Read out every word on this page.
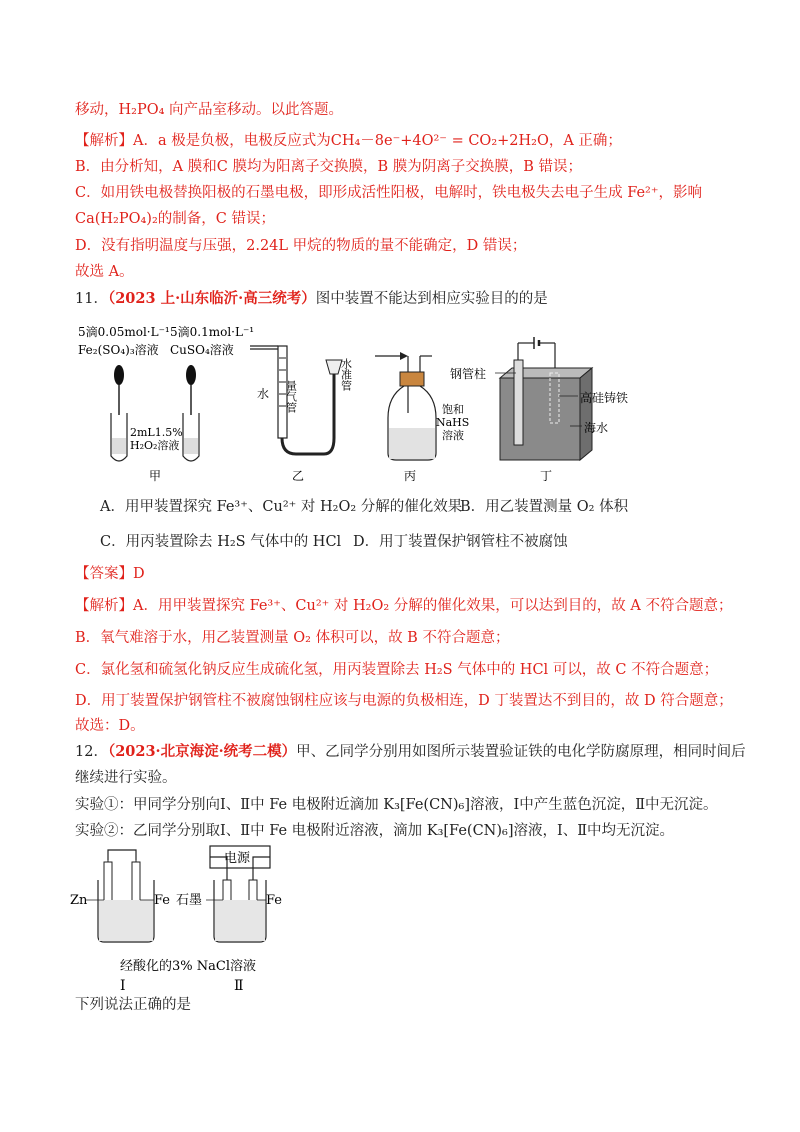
移动，H₂PO₄ 向产品室移动。以此答题。
【解析】A．a 极是负极，电极反应式为CH₄－8e⁻+4O²⁻ = CO₂+2H₂O，A 正确；
B．由分析知，A 膜和C 膜均为阳离子交换膜，B 膜为阴离子交换膜，B 错误；
C．如用铁电极替换阳极的石墨电极，即形成活性阳极，电解时，铁电极失去电子生成 Fe²⁺，影响
Ca(H₂PO₄)₂的制备，C 错误；
D．没有指明温度与压强，2.24L 甲烷的物质的量不能确定，D 错误；
故选 A。
11．（2023 上·山东临沂·高三统考）图中装置不能达到相应实验目的的是
5滴0.05mol·L⁻¹
Fe₂(SO₄)₃溶液
5滴0.1mol·L⁻¹
CuSO₄溶液
2mL1.5%
H₂O₂溶液
甲
水 量气管
水准管
乙
饱和
NaHS
溶液
丙
钢管柱
高硅铸铁
海水
丁
A．用甲装置探究 Fe³⁺、Cu²⁺ 对 H₂O₂ 分解的催化效果
B．用乙装置测量 O₂ 体积
C．用丙装置除去 H₂S 气体中的 HCl D．用丁装置保护钢管柱不被腐蚀
【答案】D
【解析】A．用甲装置探究 Fe³⁺、Cu²⁺ 对 H₂O₂ 分解的催化效果，可以达到目的，故 A 不符合题意；
B．氧气难溶于水，用乙装置测量 O₂ 体积可以，故 B 不符合题意；
C．氯化氢和硫氢化钠反应生成硫化氢，用丙装置除去 H₂S 气体中的 HCl 可以，故 C 不符合题意；
D．用丁装置保护钢管柱不被腐蚀钢柱应该与电源的负极相连，D 丁装置达不到目的，故 D 符合题意；
故选：D。
12．（2023·北京海淀·统考二模）甲、乙同学分别用如图所示装置验证铁的电化学防腐原理，相同时间后
继续进行实验。
实验①：甲同学分别向Ⅰ、Ⅱ中 Fe 电极附近滴加 K₃[Fe(CN)₆]溶液，Ⅰ中产生蓝色沉淀，Ⅱ中无沉淀。
实验②：乙同学分别取Ⅰ、Ⅱ中 Fe 电极附近溶液，滴加 K₃[Fe(CN)₆]溶液，Ⅰ、Ⅱ中均无沉淀。
Zn	Fe
Ⅰ
电源
石墨	Fe
Ⅱ
经酸化的3% NaCl溶液
下列说法正确的是
